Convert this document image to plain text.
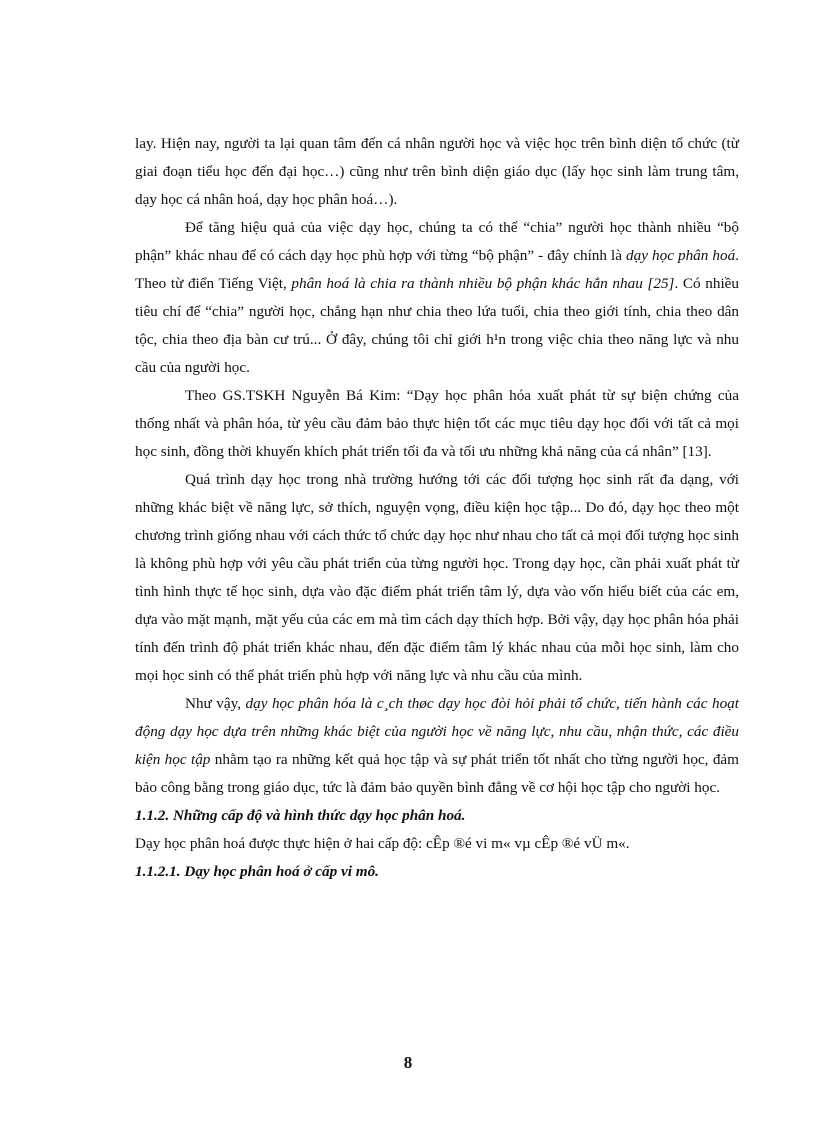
lay. Hiện nay, người ta lại quan tâm đến cá nhân người học và việc học trên bình diện tổ chức (từ giai đoạn tiểu học đến đại học…) cũng như trên bình diện giáo dục (lấy học sinh làm trung tâm, dạy học cá nhân hoá, dạy học phân hoá…).

Để tăng hiệu quả của việc dạy học, chúng ta có thể “chia” người học thành nhiều “bộ phận” khác nhau để có cách dạy học phù hợp với từng “bộ phận” - đây chính là dạy học phân hoá. Theo từ điển Tiếng Việt, phân hoá là chia ra thành nhiều bộ phận khác hẳn nhau [25]. Có nhiều tiêu chí để “chia” người học, chẳng hạn như chia theo lứa tuổi, chia theo giới tính, chia theo dân tộc, chia theo địa bàn cư trú... Ở đây, chúng tôi chỉ giới h¹n trong việc chia theo năng lực và nhu cầu của người học.

Theo GS.TSKH Nguyễn Bá Kim: “Dạy học phân hóa xuất phát từ sự biện chứng của thống nhất và phân hóa, từ yêu cầu đảm bảo thực hiện tốt các mục tiêu dạy học đối với tất cả mọi học sinh, đồng thời khuyến khích phát triển tối đa và tối ưu những khả năng của cá nhân” [13].

Quá trình dạy học trong nhà trường hướng tới các đối tượng học sinh rất đa dạng, với những khác biệt về năng lực, sở thích, nguyện vọng, điều kiện học tập... Do đó, dạy học theo một chương trình giống nhau với cách thức tổ chức dạy học như nhau cho tất cả mọi đối tượng học sinh là không phù hợp với yêu cầu phát triển của từng người học. Trong dạy học, cần phải xuất phát từ tình hình thực tế học sinh, dựa vào đặc điểm phát triển tâm lý, dựa vào vốn hiểu biết của các em, dựa vào mặt mạnh, mặt yếu của các em mà tìm cách dạy thích hợp. Bởi vậy, dạy học phân hóa phải tính đến trình độ phát triển khác nhau, đến đặc điểm tâm lý khác nhau của mỗi học sinh, làm cho mọi học sinh có thể phát triển phù hợp với năng lực và nhu cầu của mình.

Như vậy, dạy học phân hóa là c¸ch thøc dạy học đòi hỏi phải tổ chức, tiến hành các hoạt động dạy học dựa trên những khác biệt của người học về năng lực, nhu cầu, nhận thức, các điều kiện học tập nhằm tạo ra những kết quả học tập và sự phát triển tốt nhất cho từng người học, đảm bảo công bằng trong giáo dục, tức là đảm bảo quyền bình đẳng về cơ hội học tập cho người học.

1.1.2. Những cấp độ và hình thức dạy học phân hoá.

Dạy học phân hoá được thực hiện ở hai cấp độ: cÊp ®é vi m« vµ cÊp ®é vÜ m«.

1.1.2.1. Dạy học phân hoá ở cấp vi mô.

8
